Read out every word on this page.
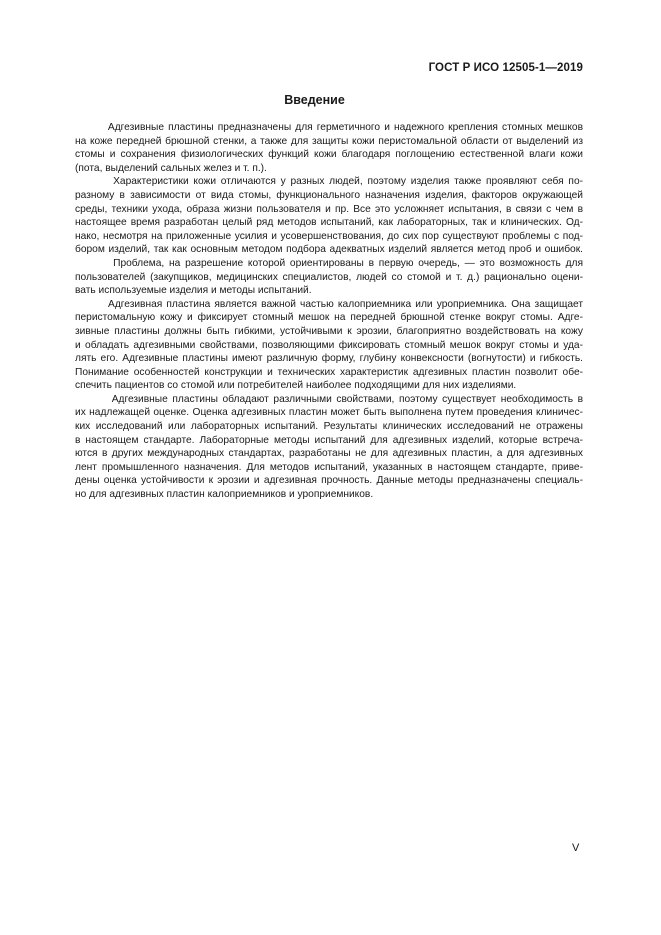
ГОСТ Р ИСО 12505-1—2019
Введение

Адгезивные пластины предназначены для герметичного и надежного крепления стомных мешков
на коже передней брюшной стенки, а также для защиты кожи перистомальной области от выделений из
стомы и сохранения физиологических функций кожи благодаря поглощению естественной влаги кожи
(пота, выделений сальных желез и т. п.).

Характеристики кожи отличаются у разных людей, поэтому изделия также проявляют себя по-
разному в зависимости от вида стомы, функционального назначения изделия, факторов окружающей
среды, техники ухода, образа жизни пользователя и пр. Все это усложняет испытания, в связи с чем в
настоящее время разработан целый ряд методов испытаний, как лабораторных, так и клинических. Од-
нако, несмотря на приложенные усилия и усовершенствования, до сих пор существуют проблемы с под-
бором изделий, так как основным методом подбора адекватных изделий является метод проб и ошибок.

Проблема, на разрешение которой ориентированы в первую очередь, — это возможность для
пользователей (закупщиков, медицинских специалистов, людей со стомой и т. д.) рационально оцени-
вать используемые изделия и методы испытаний.

Адгезивная пластина является важной частью калоприемника или уроприемника. Она защищает
перистомальную кожу и фиксирует стомный мешок на передней брюшной стенке вокруг стомы. Адге-
зивные пластины должны быть гибкими, устойчивыми к эрозии, благоприятно воздействовать на кожу
и обладать адгезивными свойствами, позволяющими фиксировать стомный мешок вокруг стомы и уда-
лять его. Адгезивные пластины имеют различную форму, глубину конвексности (вогнутости) и гибкость.
Понимание особенностей конструкции и технических характеристик адгезивных пластин позволит обе-
спечить пациентов со стомой или потребителей наиболее подходящими для них изделиями.

Адгезивные пластины обладают различными свойствами, поэтому существует необходимость в
их надлежащей оценке. Оценка адгезивных пластин может быть выполнена путем проведения клиничес-
ких исследований или лабораторных испытаний. Результаты клинических исследований не отражены
в настоящем стандарте. Лабораторные методы испытаний для адгезивных изделий, которые встреча-
ются в других международных стандартах, разработаны не для адгезивных пластин, а для адгезивных
лент промышленного назначения. Для методов испытаний, указанных в настоящем стандарте, приве-
дены оценка устойчивости к эрозии и адгезивная прочность. Данные методы предназначены специаль-
но для адгезивных пластин калоприемников и уроприемников.

V
